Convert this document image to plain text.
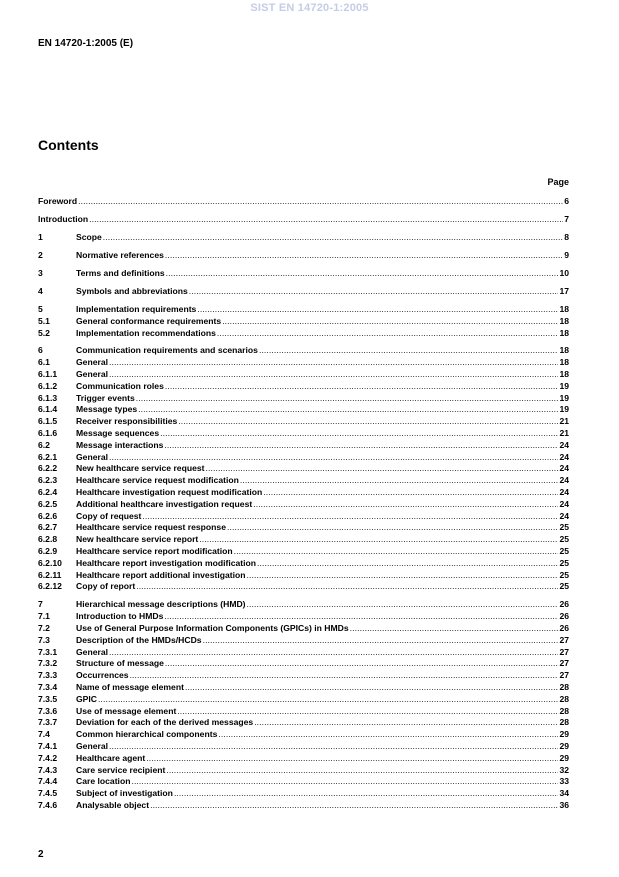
SIST EN 14720-1:2005
EN 14720-1:2005 (E)
Contents
Page
Foreword .....	6
Introduction .....	7
1	Scope .....	8
2	Normative references .....	9
3	Terms and definitions .....	10
4	Symbols and abbreviations .....	17
5	Implementation requirements .....	18
5.1	General conformance requirements .....	18
5.2	Implementation recommendations .....	18
6	Communication requirements and scenarios .....	18
6.1	General .....	18
6.1.1	General .....	18
6.1.2	Communication roles .....	19
6.1.3	Trigger events .....	19
6.1.4	Message types .....	19
6.1.5	Receiver responsibilities .....	21
6.1.6	Message sequences .....	21
6.2	Message interactions .....	24
6.2.1	General .....	24
6.2.2	New healthcare service request .....	24
6.2.3	Healthcare service request modification .....	24
6.2.4	Healthcare investigation request modification .....	24
6.2.5	Additional healthcare investigation request .....	24
6.2.6	Copy of request .....	24
6.2.7	Healthcare service request response .....	25
6.2.8	New healthcare service report .....	25
6.2.9	Healthcare service report modification .....	25
6.2.10	Healthcare report investigation modification .....	25
6.2.11	Healthcare report additional investigation .....	25
6.2.12	Copy of report .....	25
7	Hierarchical message descriptions (HMD) .....	26
7.1	Introduction to HMDs .....	26
7.2	Use of General Purpose Information Components (GPICs) in HMDs .....	26
7.3	Description of the HMDs/HCDs .....	27
7.3.1	General .....	27
7.3.2	Structure of message .....	27
7.3.3	Occurrences .....	27
7.3.4	Name of message element .....	28
7.3.5	GPIC .....	28
7.3.6	Use of message element .....	28
7.3.7	Deviation for each of the derived messages .....	28
7.4	Common hierarchical components .....	29
7.4.1	General .....	29
7.4.2	Healthcare agent .....	29
7.4.3	Care service recipient .....	32
7.4.4	Care location .....	33
7.4.5	Subject of investigation .....	34
7.4.6	Analysable object .....	36
2
